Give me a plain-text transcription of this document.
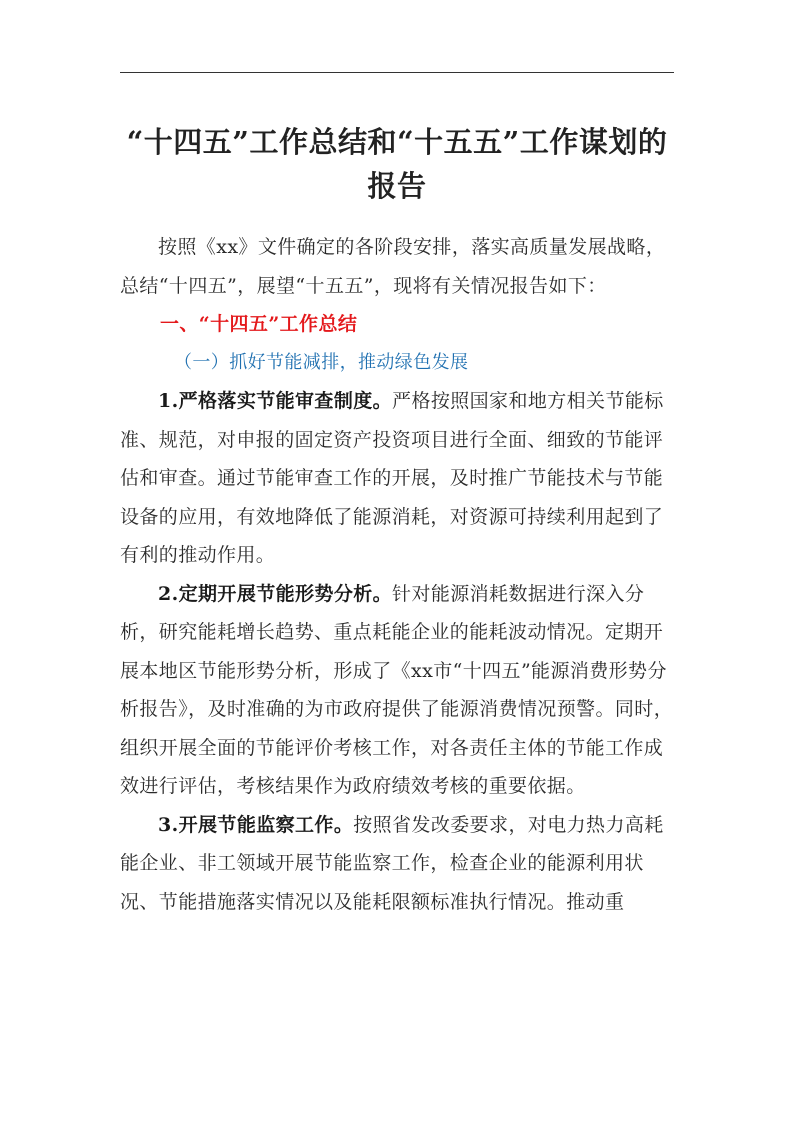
“十四五”工作总结和“十五五”工作谋划的报告

按照《xx》文件确定的各阶段安排，落实高质量发展战略，总结“十四五”，展望“十五五”，现将有关情况报告如下：

一、“十四五”工作总结

（一）抓好节能减排，推动绿色发展

1.严格落实节能审查制度。严格按照国家和地方相关节能标准、规范，对申报的固定资产投资项目进行全面、细致的节能评估和审查。通过节能审查工作的开展，及时推广节能技术与节能设备的应用，有效地降低了能源消耗，对资源可持续利用起到了有利的推动作用。

2.定期开展节能形势分析。针对能源消耗数据进行深入分析，研究能耗增长趋势、重点耗能企业的能耗波动情况。定期开展本地区节能形势分析，形成了《xx市“十四五”能源消费形势分析报告》，及时准确的为市政府提供了能源消费情况预警。同时，组织开展全面的节能评价考核工作，对各责任主体的节能工作成效进行评估，考核结果作为政府绩效考核的重要依据。

3.开展节能监察工作。按照省发改委要求，对电力热力高耗能企业、非工领域开展节能监察工作，检查企业的能源利用状况、节能措施落实情况以及能耗限额标准执行情况。推动重
